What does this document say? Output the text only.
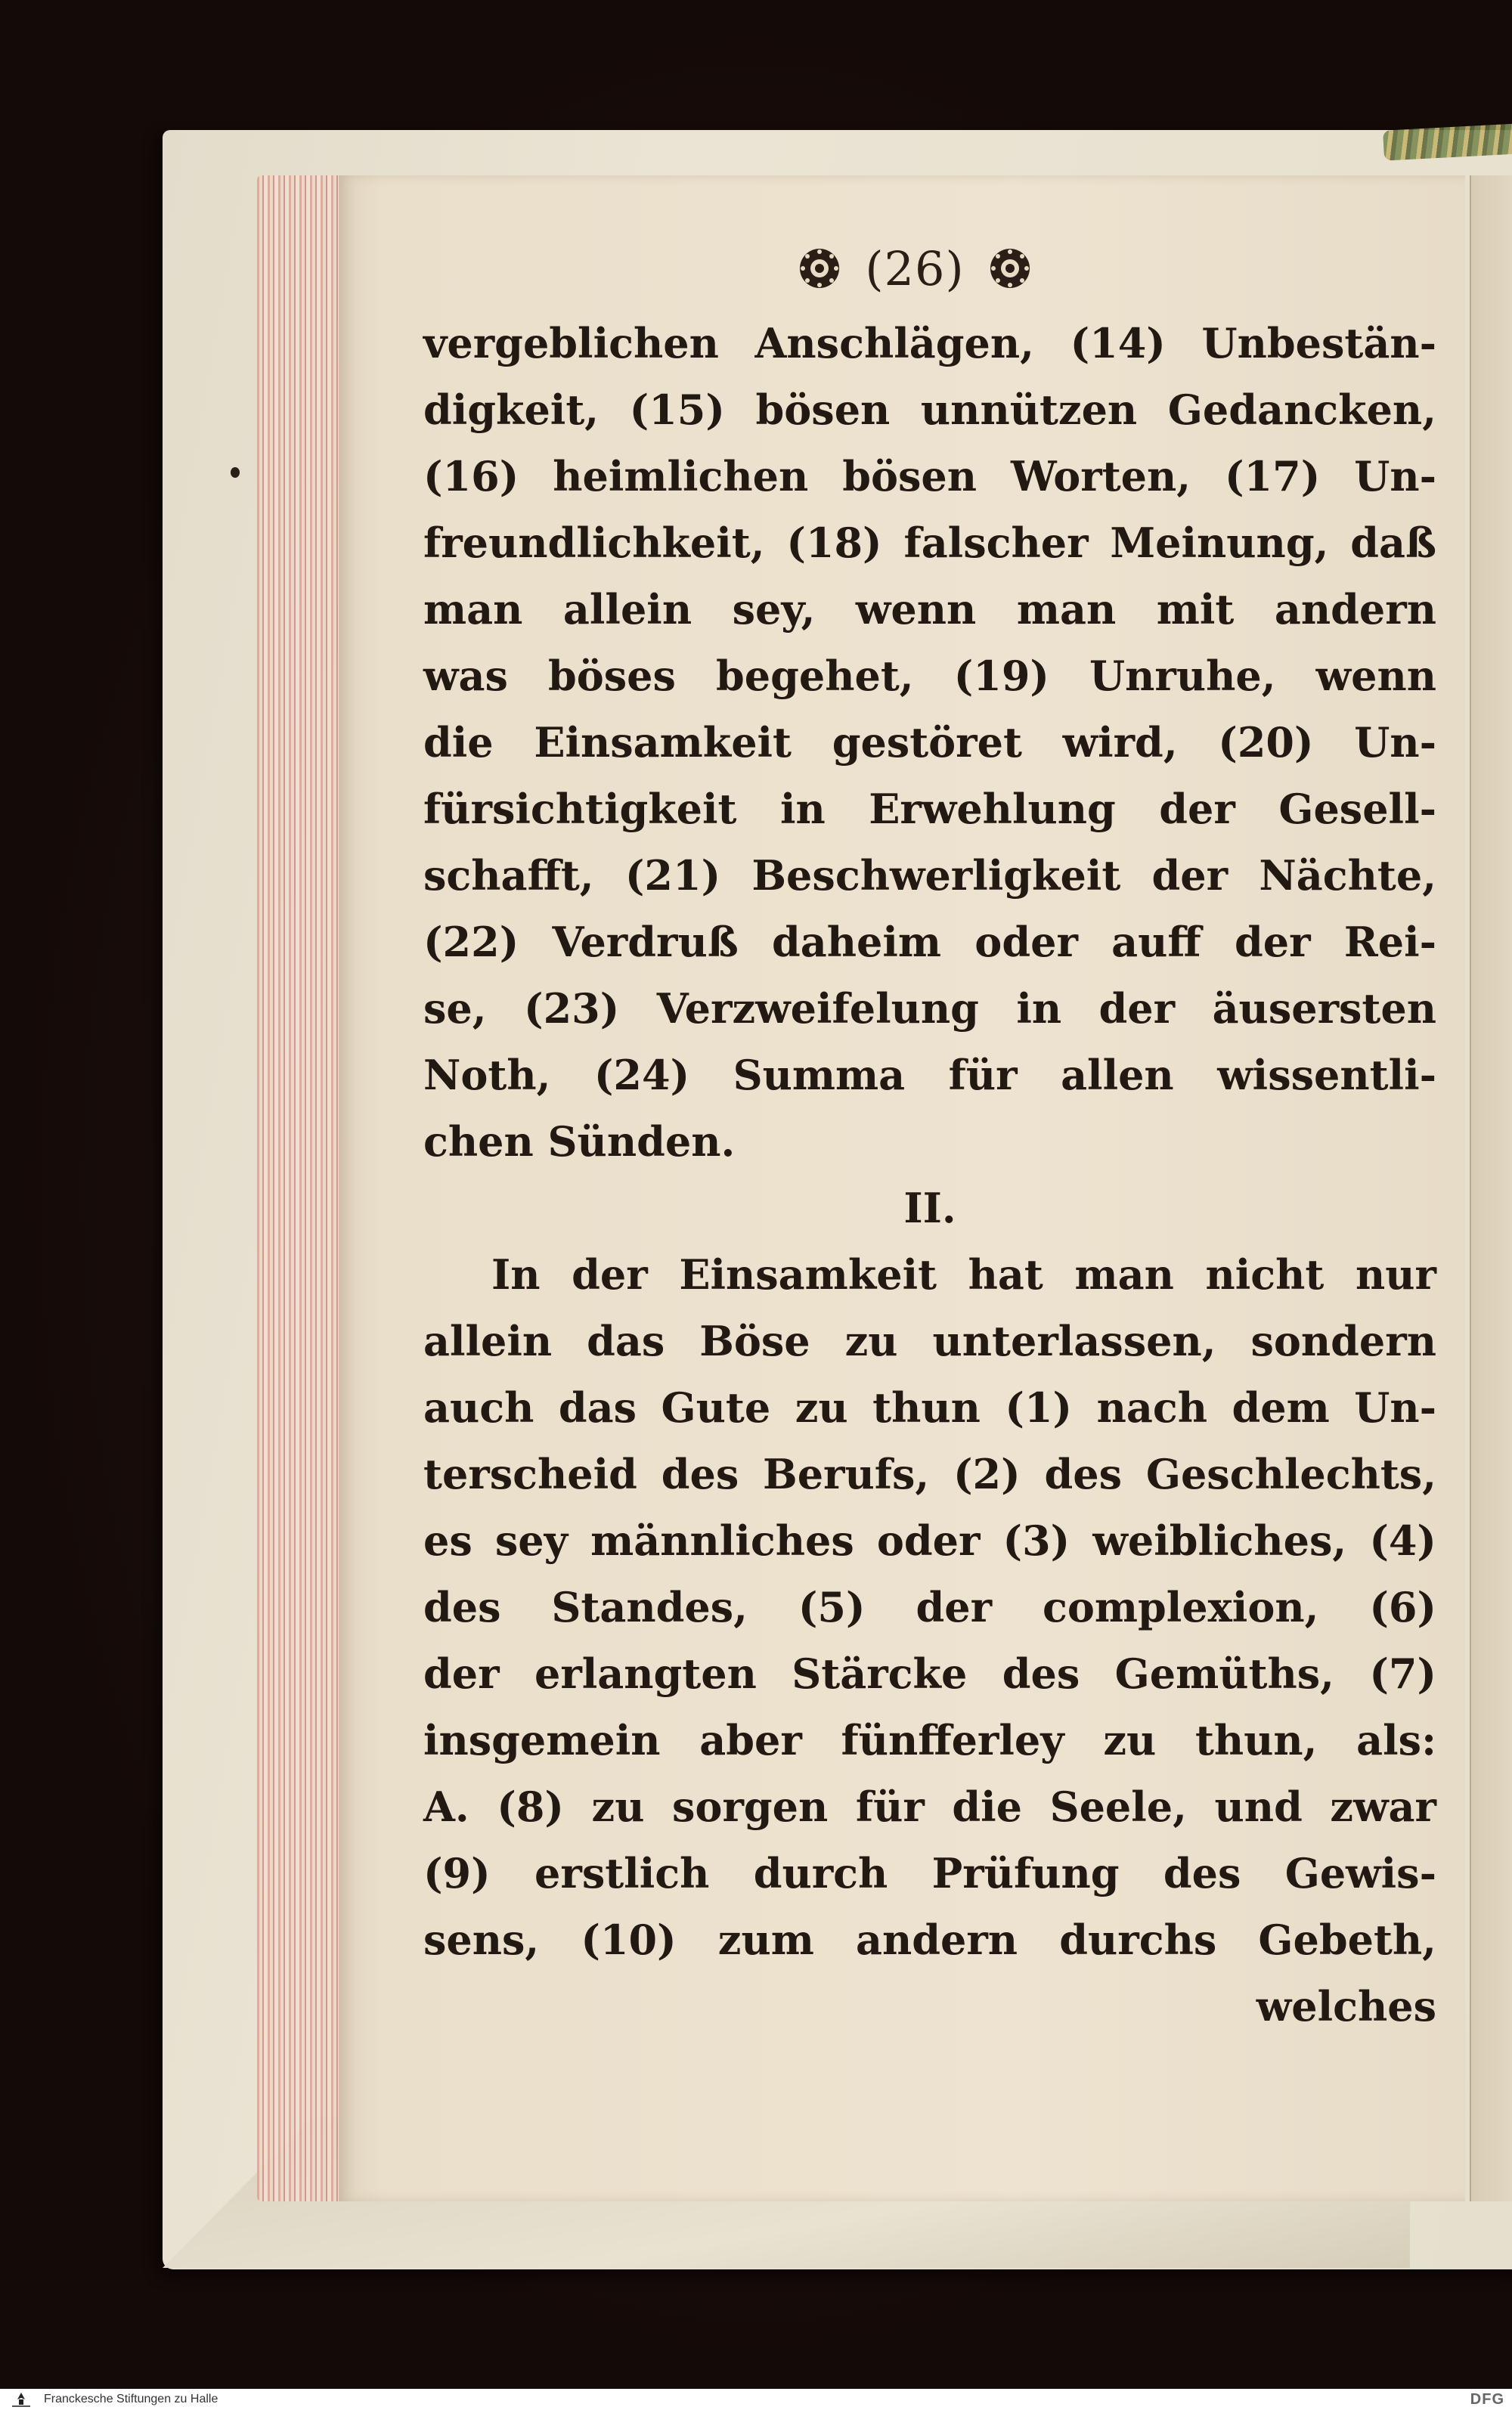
(26)
vergeblichen Anschlägen, (14) Unbestän-
digkeit, (15) bösen unnützen Gedancken,
(16) heimlichen bösen Worten, (17) Un-
freundlichkeit, (18) falscher Meinung, daß
man allein sey, wenn man mit andern
was böses begehet, (19) Unruhe, wenn
die Einsamkeit gestöret wird, (20) Un-
fürsichtigkeit in Erwehlung der Gesell-
schafft, (21) Beschwerligkeit der Nächte,
(22) Verdruß daheim oder auff der Rei-
se, (23) Verzweifelung in der äusersten
Noth, (24) Summa für allen wissentli-
chen Sünden.
II.
In der Einsamkeit hat man nicht nur
allein das Böse zu unterlassen, sondern
auch das Gute zu thun (1) nach dem Un-
terscheid des Berufs, (2) des Geschlechts,
es sey männliches oder (3) weibliches, (4)
des Standes, (5) der complexion, (6)
der erlangten Stärcke des Gemüths, (7)
insgemein aber fünfferley zu thun, als:
A. (8) zu sorgen für die Seele, und zwar
(9) erstlich durch Prüfung des Gewis-
sens, (10) zum andern durchs Gebeth,
welches
Franckesche Stiftungen zu Halle	DFG
